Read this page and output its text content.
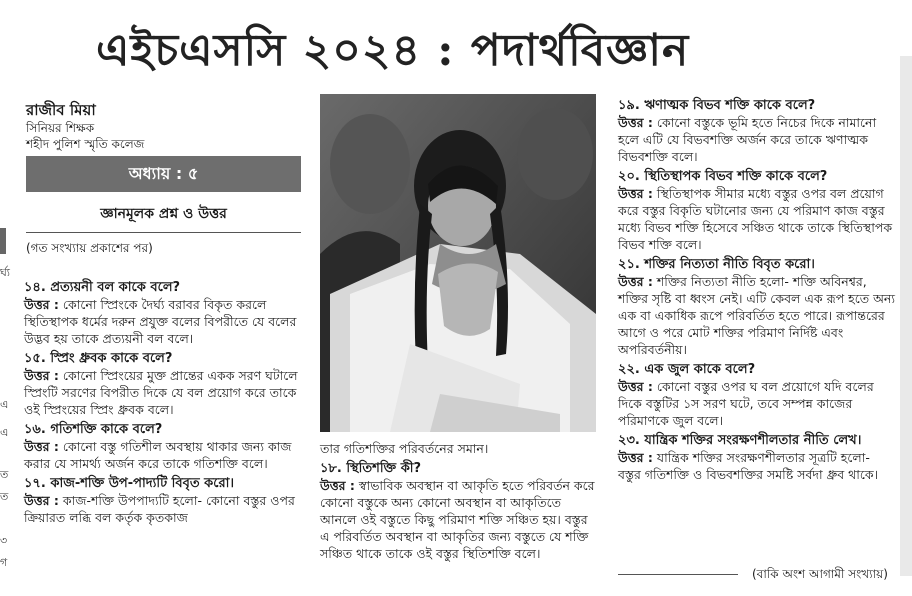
এইচএসসি ২০২৪ : পদার্থবিজ্ঞান
র্ঘ্য
এ
এ
ত
ত
৩
গ

রাজীব মিয়া

সিনিয়র শিক্ষক

শহীদ পুলিশ স্মৃতি কলেজ

অধ্যায় : ৫
জ্ঞানমূলক প্রশ্ন ও উত্তর
(গত সংখ্যায় প্রকাশের পর)

১৪. প্রত্যয়নী বল কাকে বলে?

উত্তর : কোনো স্প্রিংকে দৈর্ঘ্য বরাবর বিকৃত করলে স্থিতিস্থাপক ধর্মের দরুন প্রযুক্ত বলের বিপরীতে যে বলের উদ্ভব হয় তাকে প্রত্যয়নী বল বলে।

১৫. স্প্রিং ধ্রুবক কাকে বলে?

উত্তর : কোনো স্প্রিংয়ের মুক্ত প্রান্তের একক সরণ ঘটালে স্প্রিংটি সরণের বিপরীত দিকে যে বল প্রয়োগ করে তাকে ওই স্প্রিংয়ের স্প্রিং ধ্রুবক বলে।

১৬. গতিশক্তি কাকে বলে?

উত্তর : কোনো বস্তু গতিশীল অবস্থায় থাকার জন্য কাজ করার যে সামর্থ্য অর্জন করে তাকে গতিশক্তি বলে।

১৭. কাজ-শক্তি উপ-পাদ্যটি বিবৃত করো।

উত্তর : কাজ-শক্তি উপপাদ্যটি হলো- কোনো বস্তুর ওপর ক্রিয়ারত লব্ধি বল কর্তৃক কৃতকাজ

তার গতিশক্তির পরিবর্তনের সমান।

১৮. স্থিতিশক্তি কী?

উত্তর : স্বাভাবিক অবস্থান বা আকৃতি হতে পরিবর্তন করে কোনো বস্তুকে অন্য কোনো অবস্থান বা আকৃতিতে আনলে ওই বস্তুতে কিছু পরিমাণ শক্তি সঞ্চিত হয়। বস্তুর এ পরিবর্তিত অবস্থান বা আকৃতির জন্য বস্তুতে যে শক্তি সঞ্চিত থাকে তাকে ওই বস্তুর স্থিতিশক্তি বলে।

১৯. ঋণাত্মক বিভব শক্তি কাকে বলে?

উত্তর : কোনো বস্তুকে ভূমি হতে নিচের দিকে নামানো হলে এটি যে বিভবশক্তি অর্জন করে তাকে ঋণাত্মক বিভবশক্তি বলে।

২০. স্থিতিস্থাপক বিভব শক্তি কাকে বলে?

উত্তর : স্থিতিস্থাপক সীমার মধ্যে বস্তুর ওপর বল প্রয়োগ করে বস্তুর বিকৃতি ঘটানোর জন্য যে পরিমাণ কাজ বস্তুর মধ্যে বিভব শক্তি হিসেবে সঞ্চিত থাকে তাকে স্থিতিস্থাপক বিভব শক্তি বলে।

২১. শক্তির নিত্যতা নীতি বিবৃত করো।

উত্তর : শক্তির নিত্যতা নীতি হলো- শক্তি অবিনশ্বর, শক্তির সৃষ্টি বা ধ্বংস নেই। এটি কেবল এক রূপ হতে অন্য এক বা একাধিক রূপে পরিবর্তিত হতে পারে। রূপান্তরের আগে ও পরে মোট শক্তির পরিমাণ নির্দিষ্ট এবং অপরিবর্তনীয়।

২২. এক জুল কাকে বলে?

উত্তর : কোনো বস্তুর ওপর ঘ বল প্রয়োগে যদি বলের দিকে বস্তুটির ১স সরণ ঘটে, তবে সম্পন্ন কাজের পরিমাণকে জুল বলে।

২৩. যান্ত্রিক শক্তির সংরক্ষণশীলতার নীতি লেখ।

উত্তর : যান্ত্রিক শক্তির সংরক্ষণশীলতার সূত্রটি হলো- বস্তুর গতিশক্তি ও বিভবশক্তির সমষ্টি সর্বদা ধ্রুব থাকে।

(বাকি অংশ আগামী সংখ্যায়)
